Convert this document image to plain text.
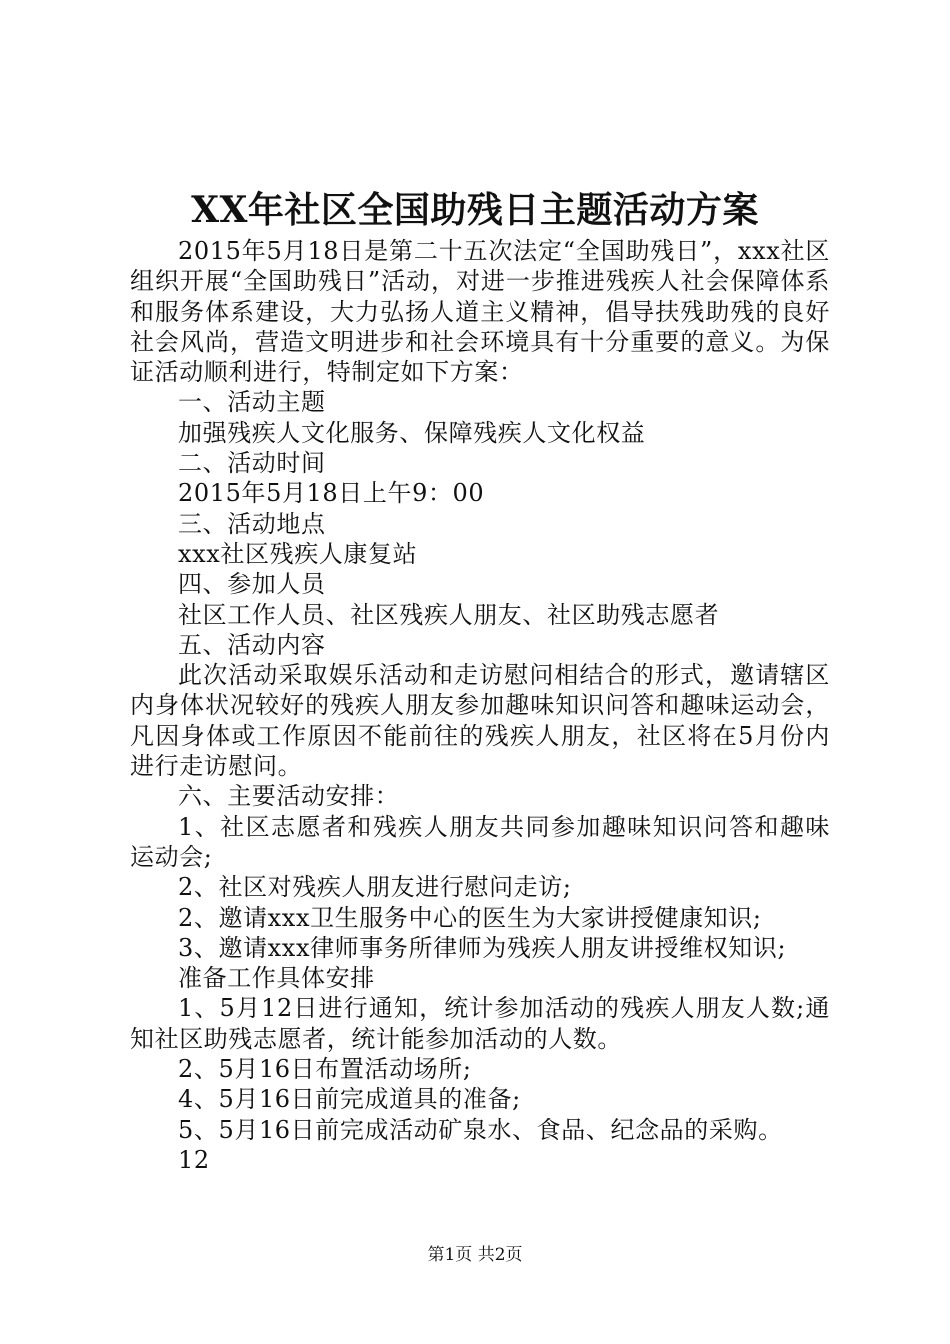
XX年社区全国助残日主题活动方案

2015年5月18日是第二十五次法定“全国助残日”，xxx社区组织开展“全国助残日”活动，对进一步推进残疾人社会保障体系和服务体系建设，大力弘扬人道主义精神，倡导扶残助残的良好社会风尚，营造文明进步和社会环境具有十分重要的意义。为保证活动顺利进行，特制定如下方案：

一、活动主题

加强残疾人文化服务、保障残疾人文化权益

二、活动时间

2015年5月18日上午9：00

三、活动地点

xxx社区残疾人康复站

四、参加人员

社区工作人员、社区残疾人朋友、社区助残志愿者

五、活动内容

此次活动采取娱乐活动和走访慰问相结合的形式，邀请辖区内身体状况较好的残疾人朋友参加趣味知识问答和趣味运动会，凡因身体或工作原因不能前往的残疾人朋友，社区将在5月份内进行走访慰问。

六、主要活动安排：

1、社区志愿者和残疾人朋友共同参加趣味知识问答和趣味运动会;

2、社区对残疾人朋友进行慰问走访;

2、邀请xxx卫生服务中心的医生为大家讲授健康知识;

3、邀请xxx律师事务所律师为残疾人朋友讲授维权知识;

准备工作具体安排

1、5月12日进行通知，统计参加活动的残疾人朋友人数;通知社区助残志愿者，统计能参加活动的人数。

2、5月16日布置活动场所;

4、5月16日前完成道具的准备;

5、5月16日前完成活动矿泉水、食品、纪念品的采购。

12

第1页 共2页
